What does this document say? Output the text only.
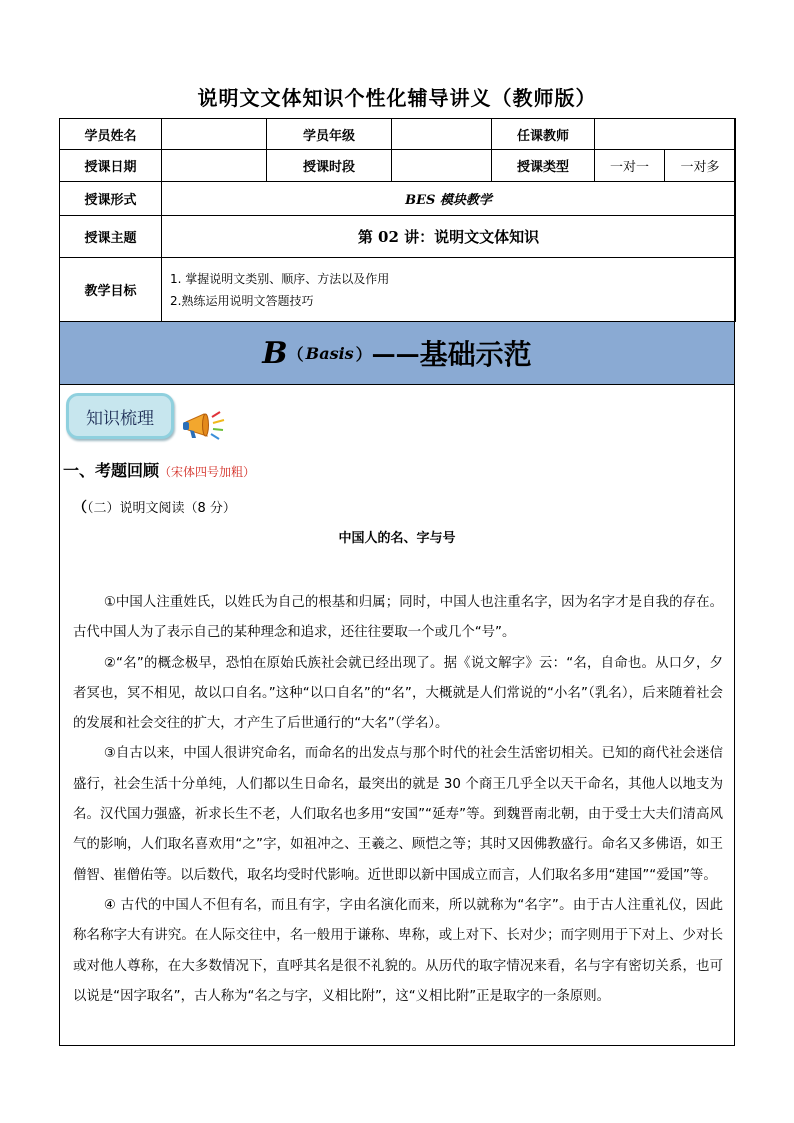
说明文文体知识个性化辅导讲义（教师版）
学员姓名		学员年级		任课教师		
授课日期		授课时段		授课类型	一对一	一对多
授课形式	BES 模块教学					
授课主题	第 02 讲：说明文文体知识					
教学目标	1. 掌握说明文类别、顺序、方法以及作用
2.熟练运用说明文答题技巧					
B （ Basis ） —— 基础示范
知识梳理
一、考题回顾（宋体四号加粗）
（（二）说明文阅读（8 分）
中国人的名、字与号

①中国人注重姓氏，以姓氏为自己的根基和归属；同时，中国人也注重名字，因为名字才是自我的存在。古代中国人为了表示自己的某种理念和追求，还往往要取一个或几个“号”。

②“名”的概念极早，恐怕在原始氏族社会就已经出现了。据《说文解字》云：“名，自命也。从口夕，夕者冥也，冥不相见，故以口自名。”这种“以口自名”的“名”，大概就是人们常说的“小名”（乳名），后来随着社会的发展和社会交往的扩大，才产生了后世通行的“大名”（学名）。

③自古以来，中国人很讲究命名，而命名的出发点与那个时代的社会生活密切相关。已知的商代社会迷信盛行，社会生活十分单纯，人们都以生日命名，最突出的就是 30 个商王几乎全以天干命名，其他人以地支为名。汉代国力强盛，祈求长生不老，人们取名也多用“安国”“延寿”等。到魏晋南北朝，由于受士大夫们清高风气的影响，人们取名喜欢用“之”字，如祖冲之、王羲之、顾恺之等；其时又因佛教盛行。命名又多佛语，如王僧智、崔僧佑等。以后数代，取名均受时代影响。近世即以新中国成立而言，人们取名多用“建国”“爱国”等。

④ 古代的中国人不但有名，而且有字，字由名演化而来，所以就称为“名字”。由于古人注重礼仪，因此称名称字大有讲究。在人际交往中，名一般用于谦称、卑称，或上对下、长对少；而字则用于下对上、少对长或对他人尊称，在大多数情况下，直呼其名是很不礼貌的。从历代的取字情况来看，名与字有密切关系，也可以说是“因字取名”，古人称为“名之与字，义相比附”，这“义相比附”正是取字的一条原则。
